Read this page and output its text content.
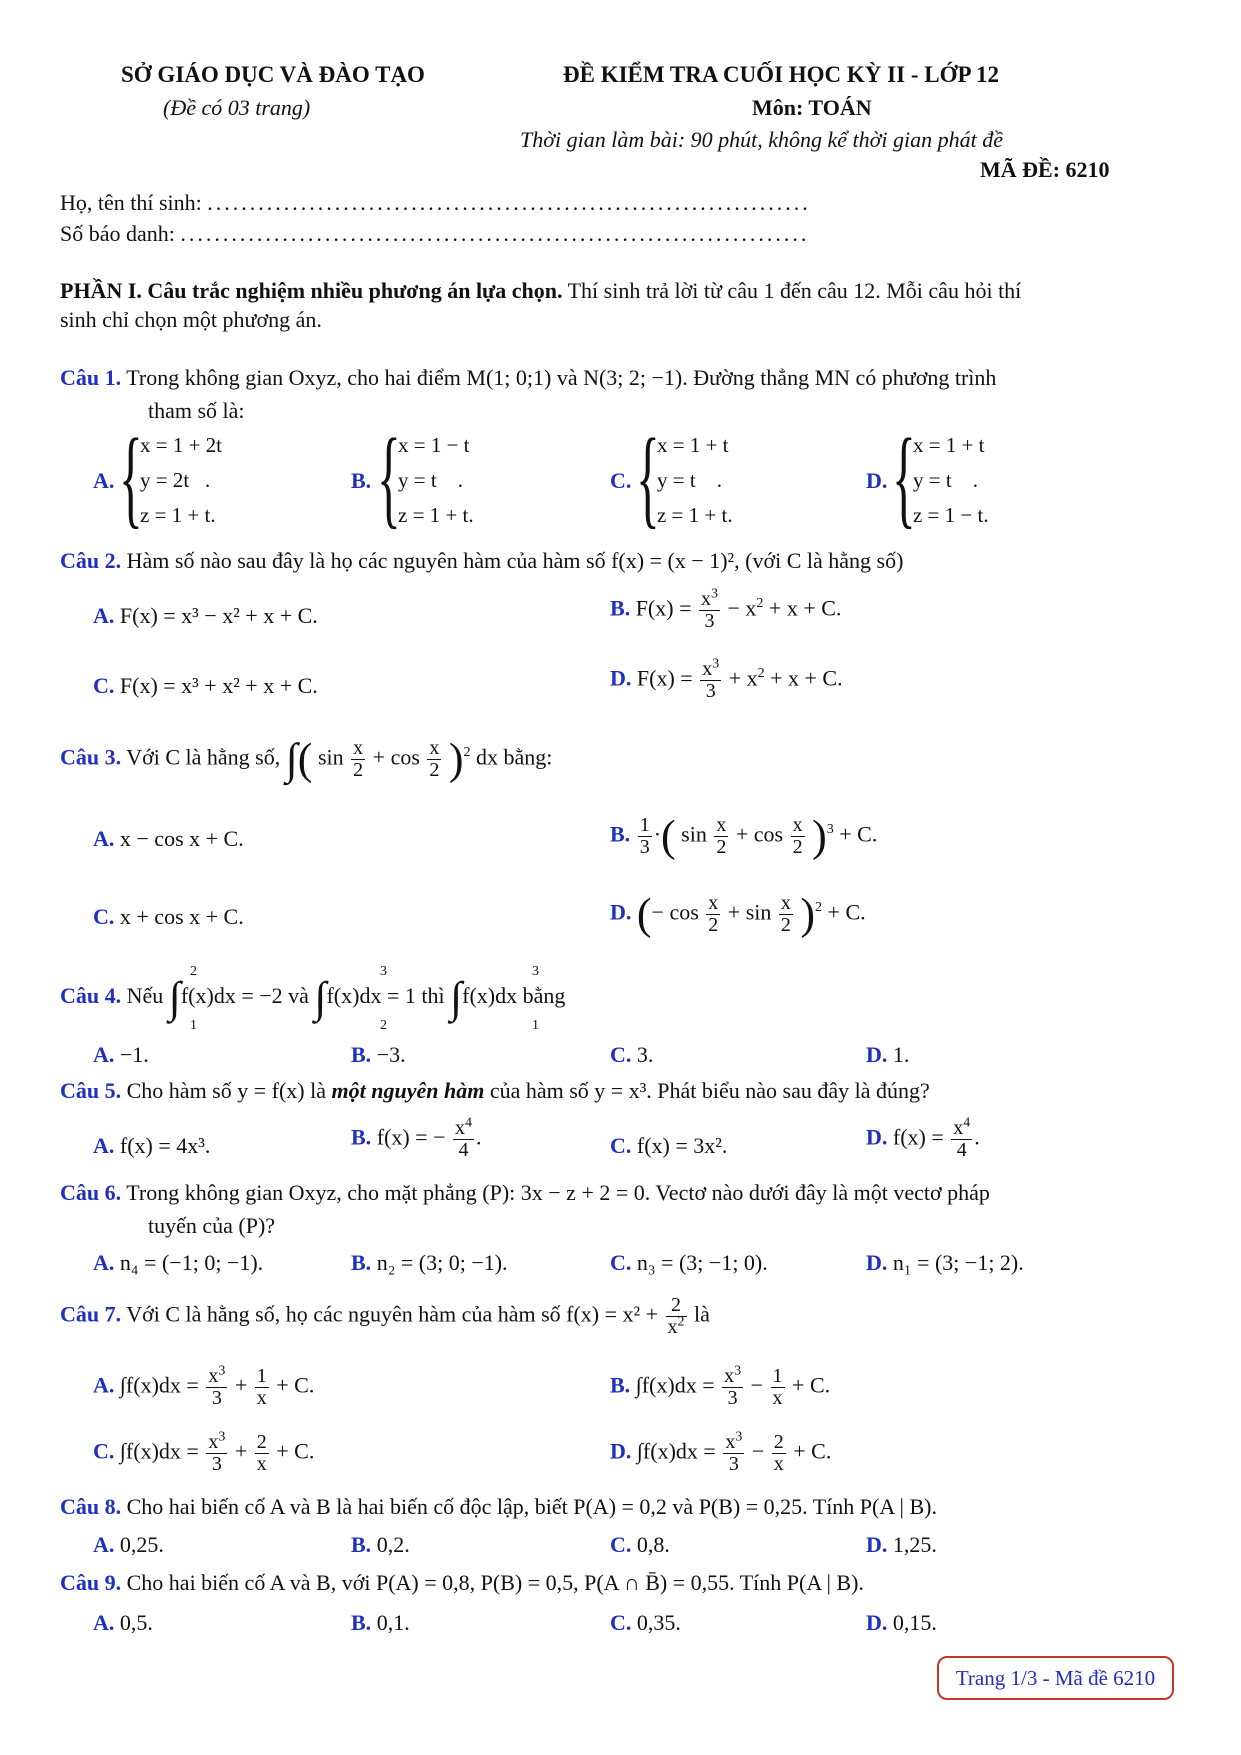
SỞ GIÁO DỤC VÀ ĐÀO TẠO
(Đề có 03 trang)
ĐỀ KIỂM TRA CUỐI HỌC KỲ II - LỚP 12
Môn: TOÁN
Thời gian làm bài: 90 phút, không kể thời gian phát đề
MÃ ĐỀ: 6210
Họ, tên thí sinh: .......................................................................
Số báo danh: ..........................................................................
PHẦN I. Câu trắc nghiệm nhiều phương án lựa chọn. Thí sinh trả lời từ câu 1 đến câu 12. Mỗi câu hỏi thí
sinh chỉ chọn một phương án.
Câu 1. Trong không gian Oxyz, cho hai điểm M(1; 0;1) và N(3; 2; −1). Đường thẳng MN có phương trình
tham số là:
A. {
x = 1 + 2t
y = 2t   .
z = 1 + t.
B. {
x = 1 − t
y = t    .
z = 1 + t.
C. {
x = 1 + t
y = t    .
z = 1 + t.
D. {
x = 1 + t
y = t    .
z = 1 − t.
Câu 2. Hàm số nào sau đây là họ các nguyên hàm của hàm số f(x) = (x − 1)², (với C là hằng số)
A. F(x) = x³ − x² + x + C.	B. $F(x) = \frac{x^3}{3} - x^2 + x + C$.
C. F(x) = x³ + x² + x + C.	D. $F(x) = \frac{x^3}{3} + x^2 + x + C$.
Câu 3. Với C là hằng số, ∫( $\sin \frac{x}{2} + \cos \frac{x}{2} )^2$ dx bằng:
A. x − cos x + C.	B. $\frac{1}{3}$ ·( $\sin \frac{x}{2} + \cos \frac{x}{2} )^3 + C$.
C. x + cos x + C.	D. (− $\cos \frac{x}{2} + \sin \frac{x}{2} )^2 + C$.
Câu 4. Nếu ∫f(x)dx = −2 và ∫f(x)dx = 1 thì ∫f(x)dx bằng
2
1
3
2
3
1
A. −1.	B. −3.	C. 3.	D. 1.
Câu 5. Cho hàm số y = f(x) là một nguyên hàm của hàm số y = x³. Phát biểu nào sau đây là đúng?
A. f(x) = 4x³.	B. f(x) = − $\frac{x^4}{4}$ .	C. f(x) = 3x².	D. $f(x) = \frac{x^4}{4}$ .
Câu 6. Trong không gian Oxyz, cho mặt phẳng (P): 3x − z + 2 = 0. Vectơ nào dưới đây là một vectơ pháp
tuyến của (P)?
A. n₄ = (−1; 0; −1).	B. n₂ = (3; 0; −1).	C. n₃ = (3; −1; 0).	D. n₁ = (3; −1; 2).
Câu 7. Với C là hằng số, họ các nguyên hàm của hàm số $f(x) = x^2 + \frac{2}{x^2}$ là
A. $\int f(x)dx = \frac{x^3}{3} + \frac{1}{x} + C$.	B. $\int f(x)dx = \frac{x^3}{3} - \frac{1}{x} + C$.
C. $\int f(x)dx = \frac{x^3}{3} + \frac{2}{x} + C$.	D. $\int f(x)dx = \frac{x^3}{3} - \frac{2}{x} + C$.
Câu 8. Cho hai biến cố A và B là hai biến cố độc lập, biết P(A) = 0,2 và P(B) = 0,25. Tính P(A | B).
A. 0,25.	B. 0,2.	C. 0,8.	D. 1,25.
Câu 9. Cho hai biến cố A và B, với P(A) = 0,8, P(B) = 0,5, P(A ∩ B̄) = 0,55. Tính P(A | B).
A. 0,5.	B. 0,1.	C. 0,35.	D. 0,15.
Trang 1/3 - Mã đề 6210
